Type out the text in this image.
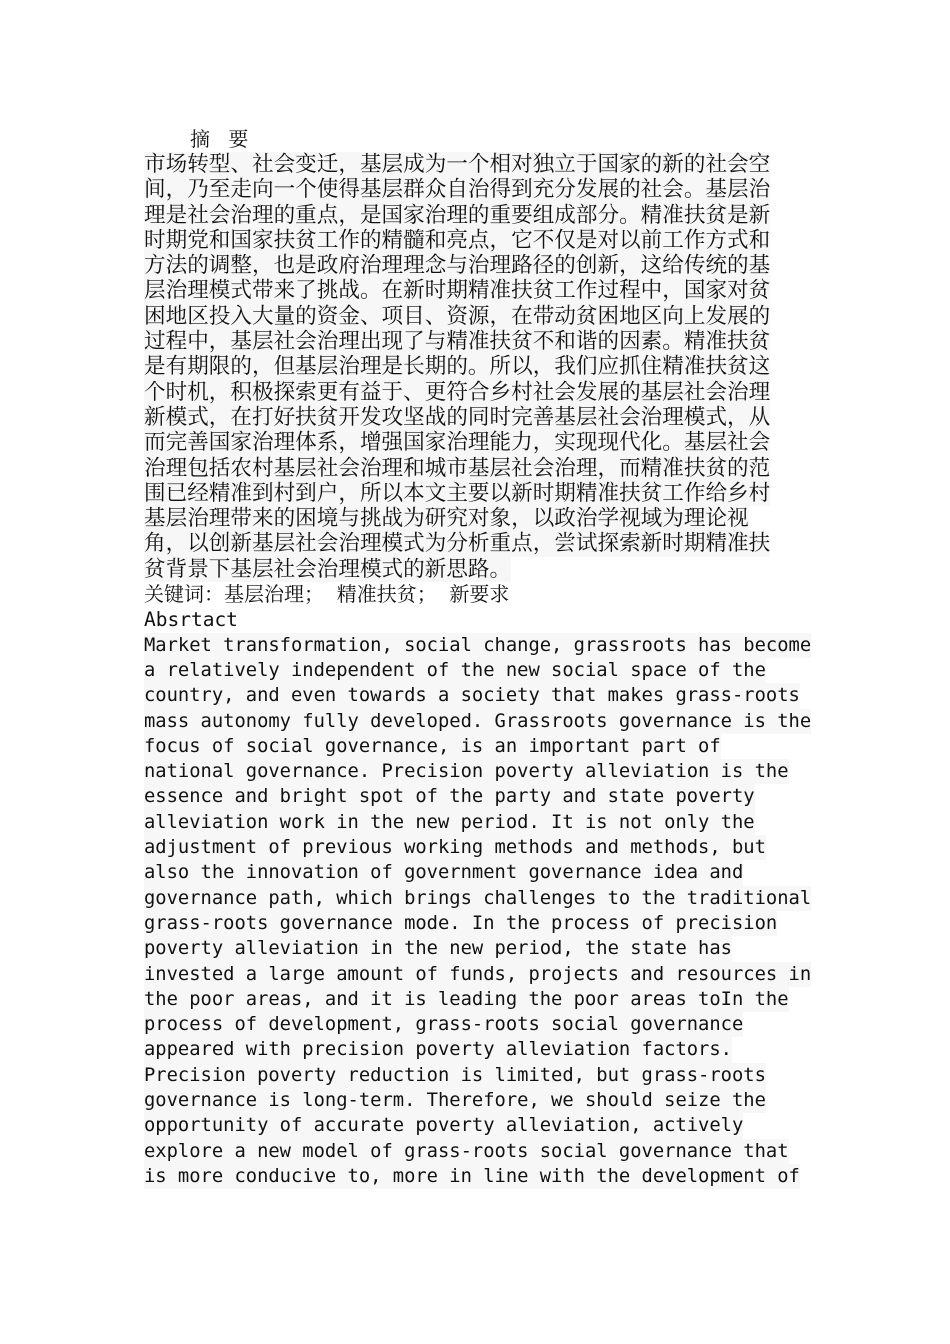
摘 要
市场转型、社会变迁，基层成为一个相对独立于国家的新的社会空
间，乃至走向一个使得基层群众自治得到充分发展的社会。基层治
理是社会治理的重点，是国家治理的重要组成部分。精准扶贫是新
时期党和国家扶贫工作的精髓和亮点，它不仅是对以前工作方式和
方法的调整，也是政府治理理念与治理路径的创新，这给传统的基
层治理模式带来了挑战。在新时期精准扶贫工作过程中，国家对贫
困地区投入大量的资金、项目、资源，在带动贫困地区向上发展的
过程中，基层社会治理出现了与精准扶贫不和谐的因素。精准扶贫
是有期限的，但基层治理是长期的。所以，我们应抓住精准扶贫这
个时机，积极探索更有益于、更符合乡村社会发展的基层社会治理
新模式，在打好扶贫开发攻坚战的同时完善基层社会治理模式，从
而完善国家治理体系，增强国家治理能力，实现现代化。基层社会
治理包括农村基层社会治理和城市基层社会治理，而精准扶贫的范
围已经精准到村到户，所以本文主要以新时期精准扶贫工作给乡村
基层治理带来的困境与挑战为研究对象，以政治学视域为理论视
角，以创新基层社会治理模式为分析重点，尝试探索新时期精准扶
贫背景下基层社会治理模式的新思路。
关键词：基层治理；  精准扶贫；  新要求
Absrtact
Market transformation, social change, grassroots has become
a relatively independent of the new social space of the
country, and even towards a society that makes grass-roots
mass autonomy fully developed. Grassroots governance is the
focus of social governance, is an important part of
national governance. Precision poverty alleviation is the
essence and bright spot of the party and state poverty
alleviation work in the new period. It is not only the
adjustment of previous working methods and methods, but
also the innovation of government governance idea and
governance path, which brings challenges to the traditional
grass-roots governance mode. In the process of precision
poverty alleviation in the new period, the state has
invested a large amount of funds, projects and resources in
the poor areas, and it is leading the poor areas toIn the
process of development, grass-roots social governance
appeared with precision poverty alleviation factors.
Precision poverty reduction is limited, but grass-roots
governance is long-term. Therefore, we should seize the
opportunity of accurate poverty alleviation, actively
explore a new model of grass-roots social governance that
is more conducive to, more in line with the development of
